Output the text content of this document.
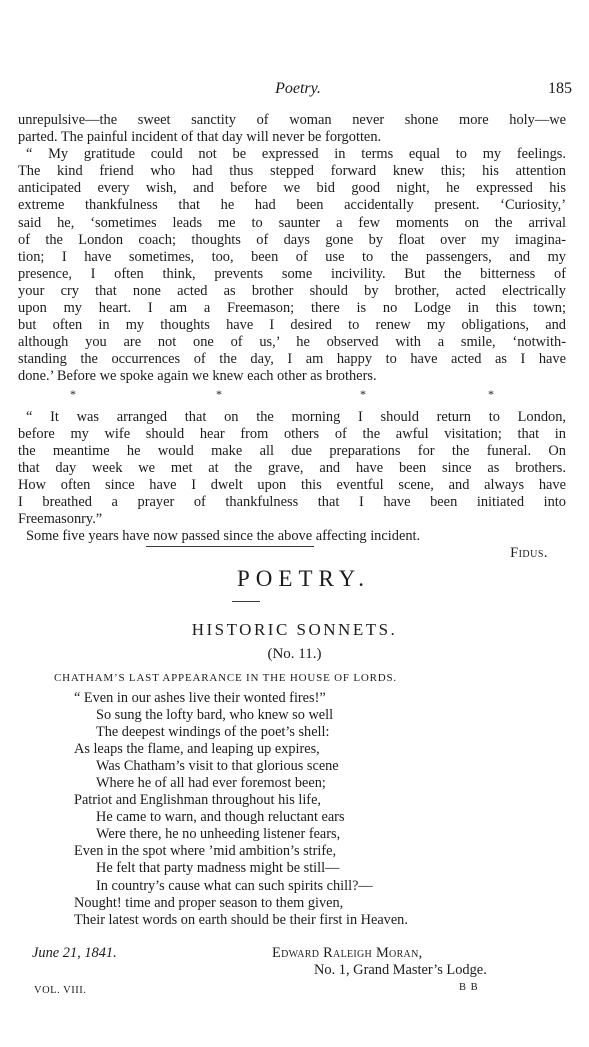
Poetry.	185
unrepulsive—the sweet sanctity of woman never shone more holy—we
parted. The painful incident of that day will never be forgotten.
“ My gratitude could not be expressed in terms equal to my feelings.
The kind friend who had thus stepped forward knew this; his attention
anticipated every wish, and before we bid good night, he expressed his
extreme thankfulness that he had been accidentally present. ‘Curiosity,’
said he, ‘sometimes leads me to saunter a few moments on the arrival
of the London coach; thoughts of days gone by float over my imagina-
tion; I have sometimes, too, been of use to the passengers, and my
presence, I often think, prevents some incivility. But the bitterness of
your cry that none acted as brother should by brother, acted electrically
upon my heart. I am a Freemason; there is no Lodge in this town;
but often in my thoughts have I desired to renew my obligations, and
although you are not one of us,’ he observed with a smile, ‘notwith-
standing the occurrences of the day, I am happy to have acted as I have
done.’ Before we spoke again we knew each other as brothers.
*	*	*	*
“ It was arranged that on the morning I should return to London,
before my wife should hear from others of the awful visitation; that in
the meantime he would make all due preparations for the funeral. On
that day week we met at the grave, and have been since as brothers.
How often since have I dwelt upon this eventful scene, and always have
I breathed a prayer of thankfulness that I have been initiated into
Freemasonry.”
Some five years have now passed since the above affecting incident.
Fidus.
POETRY.
HISTORIC SONNETS.
(No. 11.)
CHATHAM’S LAST APPEARANCE IN THE HOUSE OF LORDS.
“ Even in our ashes live their wonted fires!”
So sung the lofty bard, who knew so well
The deepest windings of the poet’s shell:
As leaps the flame, and leaping up expires,
Was Chatham’s visit to that glorious scene
Where he of all had ever foremost been;
Patriot and Englishman throughout his life,
He came to warn, and though reluctant ears
Were there, he no unheeding listener fears,
Even in the spot where ’mid ambition’s strife,
He felt that party madness might be still—
In country’s cause what can such spirits chill?—
Nought! time and proper season to them given,
Their latest words on earth should be their first in Heaven.
June 21, 1841.	Edward Raleigh Moran,
No. 1, Grand Master’s Lodge.
VOL. VIII.	B B
